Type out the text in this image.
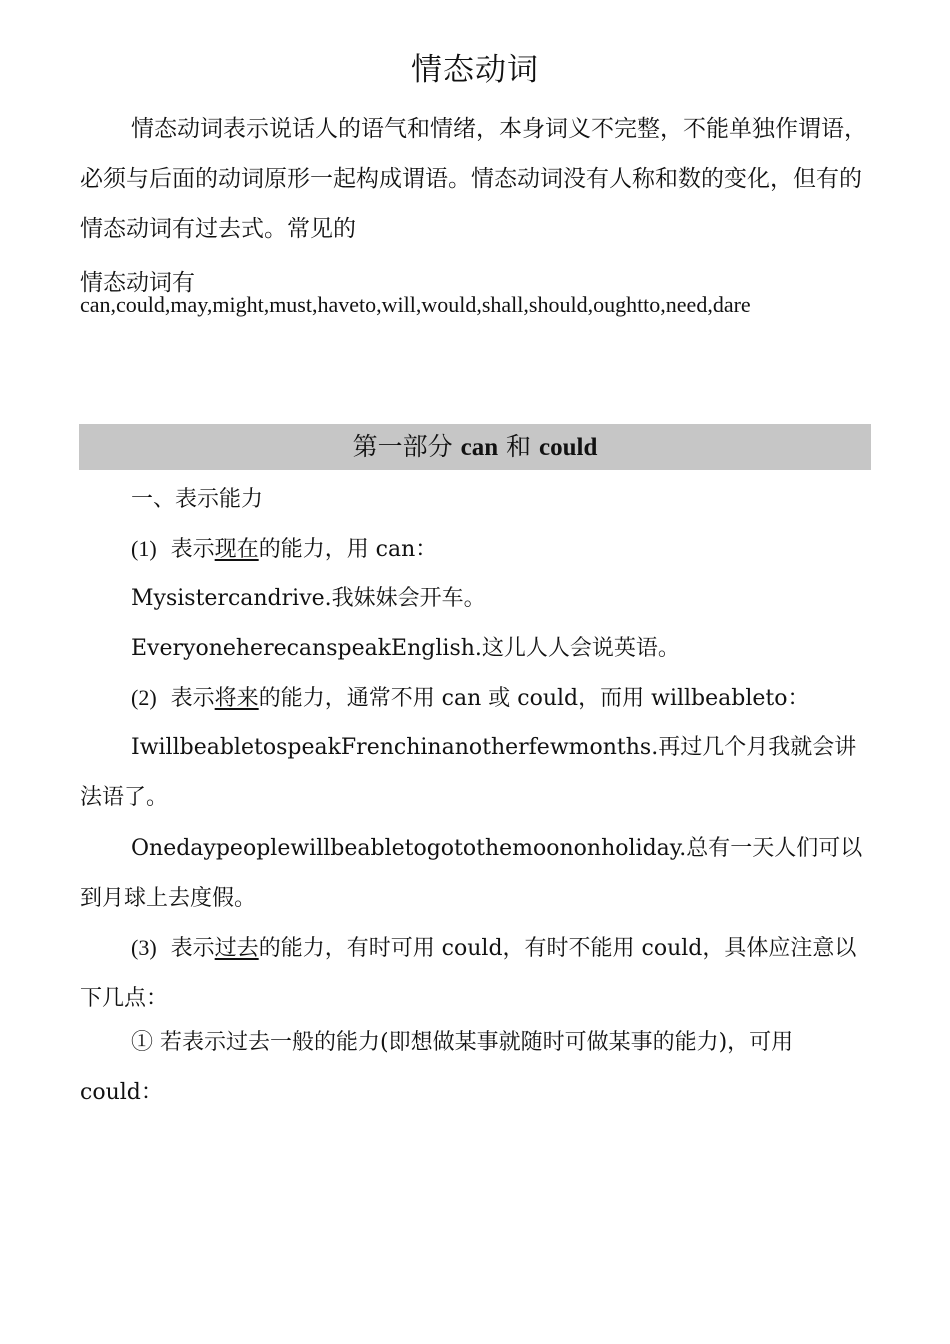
情态动词

情态动词表示说话人的语气和情绪，本身词义不完整，不能单独作谓语，必须与后面的动词原形一起构成谓语。情态动词没有人称和数的变化，但有的情态动词有过去式。常见的

情态动词有
can,could,may,might,must,haveto,will,would,shall,should,oughtto,need,dare
第一部分 can 和 could

一、表示能力

(1) 表示现在的能力，用 can：

Mysistercandrive.我妹妹会开车。

EveryoneherecanspeakEnglish.这儿人人会说英语。

(2) 表示将来的能力，通常不用 can 或 could，而用 willbeableto：

IwillbeabletospeakFrenchinanotherfewmonths.再过几个月我就会讲法语了。

Onedaypeoplewillbeabletogotothemoononholiday.总有一天人们可以到月球上去度假。

(3) 表示过去的能力，有时可用 could，有时不能用 could，具体应注意以下几点：

① 若表示过去一般的能力(即想做某事就随时可做某事的能力)，可用 could：
